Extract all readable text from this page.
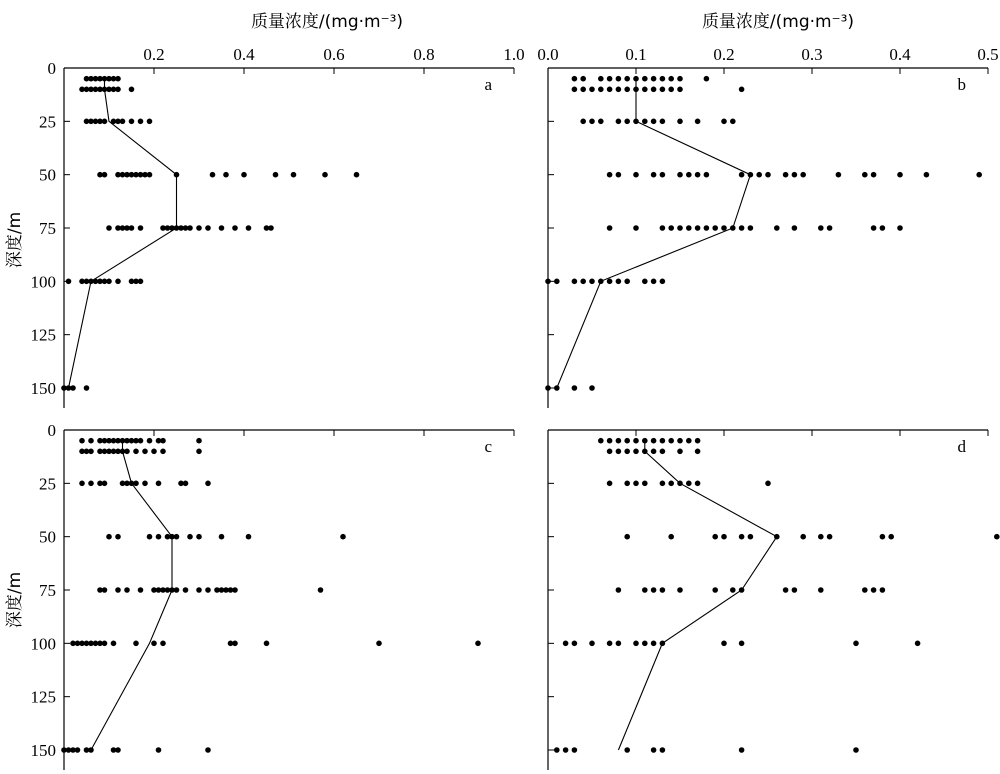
质量浓度/(mg·m⁻³)	质量浓度/(mg·m⁻³)
深度/m
深度/m
0.2	0.4	0.6	0.8	1.0
0
25
50
75
100
125
150
a
0.0	0.1	0.2	0.3	0.4	0.5
b
0
25
50
75
100
125
150
c	d
